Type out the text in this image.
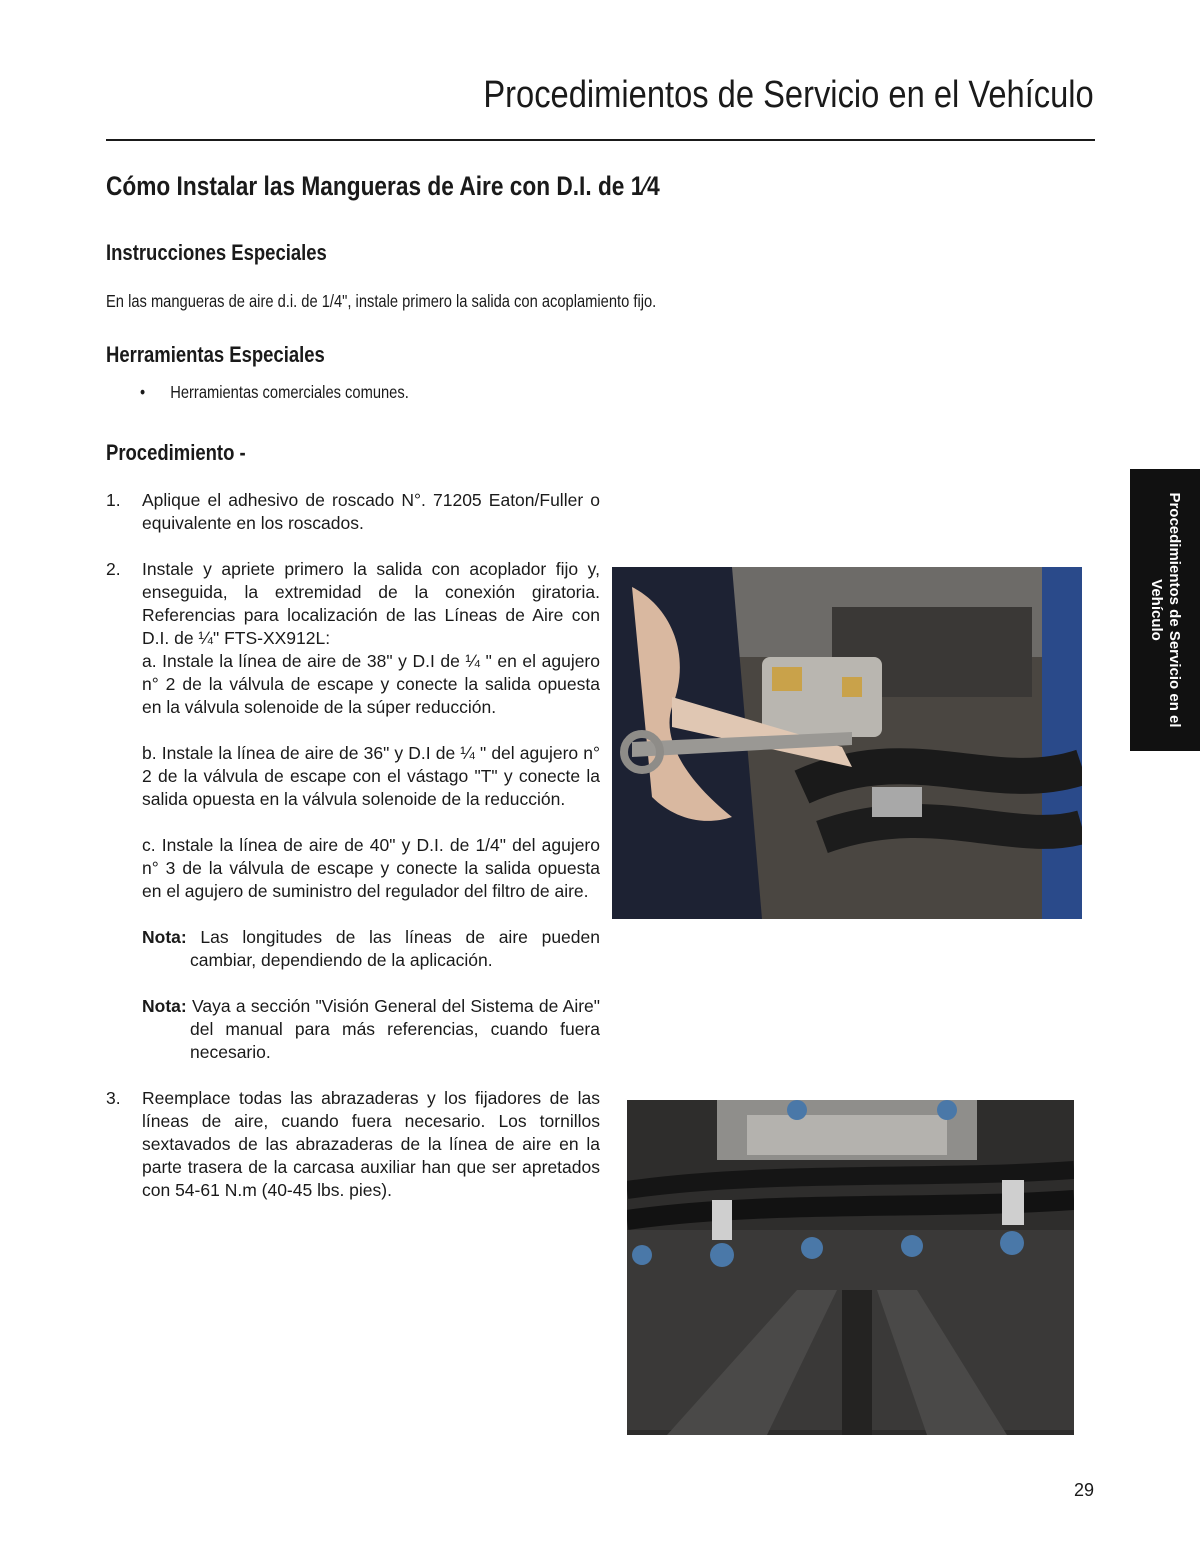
Procedimientos de Servicio en el Vehículo
Cómo Instalar las Mangueras de Aire con D.I. de 1⁄4
Instrucciones Especiales
En las mangueras de aire d.i. de 1/4", instale primero la salida con acoplamiento fijo.
Herramientas Especiales
• Herramientas comerciales comunes.
Procedimiento -
1. Aplique el adhesivo de roscado N°. 71205 Eaton/Fuller o equivalente en los roscados.
2. Instale y apriete primero la salida con acoplador fijo y, enseguida, la extremidad de la conexión giratoria. Referencias para localización de las Líneas de Aire con D.I. de ¼" FTS-XX912L:
a. Instale la línea de aire de 38" y D.I de ¼ " en el agujero n° 2 de la válvula de escape y conecte la salida opuesta en la válvula solenoide de la súper reducción.
b. Instale la línea de aire de 36" y D.I de ¼ " del agujero n° 2 de la válvula de escape con el vástago "T" y conecte la salida opuesta en la válvula solenoide de la reducción.
c. Instale la línea de aire de 40" y D.I. de 1/4" del agujero n° 3 de la válvula de escape y conecte la salida opuesta en el agujero de suministro del regulador del filtro de aire.
Nota: Las longitudes de las líneas de aire pueden cambiar, dependiendo de la aplicación.
Nota: Vaya a sección "Visión General del Sistema de Aire" del manual para más referencias, cuando fuera necesario.
3. Reemplace todas las abrazaderas y los fijadores de las líneas de aire, cuando fuera necesario. Los tornillos sextavados de las abrazaderas de la línea de aire en la parte trasera de la carcasa auxiliar han que ser apretados con 54-61 N.m (40-45 lbs. pies).
Procedimientos de Servicio en el Vehículo
29
